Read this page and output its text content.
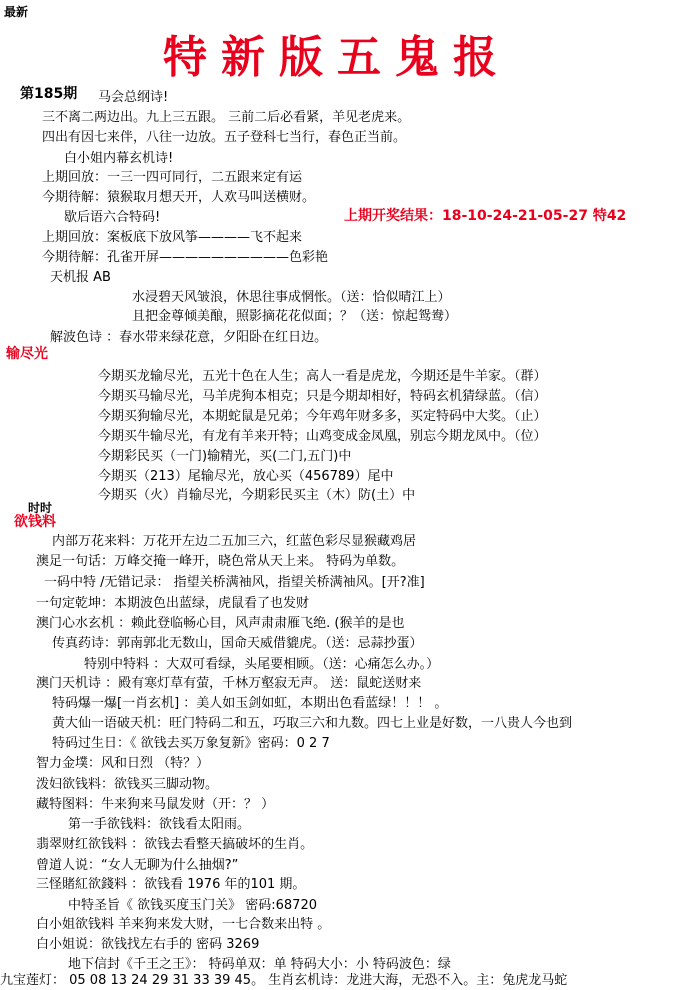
最新
特新版五鬼报
第185期 马会总纲诗!
三不离二两边出。九上三五跟。 三前二后必看紧，羊见老虎来。
四出有因七来伴，八往一边放。五子登科七当行，春色正当前。
白小姐内幕玄机诗!
上期回放：一三一四可同行，二五跟来定有运
今期待解：猿猴取月想天开，人欢马叫送横财。
歇后语六合特码!	上期开奖结果：18-10-24-21-05-27 特42
上期回放：案板底下放风筝————飞不起来
今期待解：孔雀开屏——————————色彩艳
天机报 AB
水浸碧天风皱浪，休思往事成惘怅。（送：恰似晴江上）
且把金尊倾美酿，照影摘花花似面；？（送：惊起鸳鸯）
解波色诗 ：春水带来绿花意，夕阳卧在红日边。
输尽光
今期买龙输尽光，五光十色在人生；高人一看是虎龙，今期还是牛羊家。（群）
今期买马输尽光，马羊虎狗本相克；只是今期却相好，特码玄机猜绿蓝。（信）
今期买狗输尽光，本期蛇鼠是兄弟；今年鸡年财多多，买定特码中大奖。（止）
今期买牛输尽光，有龙有羊来开特；山鸡变成金凤凰，别忘今期龙凤中。（位）
今期彩民买（一门)输精光，买(二门,五门)中
今期买（213）尾输尽光，放心买（456789）尾中
今期买（火）肖输尽光，今期彩民买主（木）防(土）中
时时
欲钱料
内部万花来料：万花开左边二五加三六，红蓝色彩尽显猴藏鸡居
澳足一句话：万峰交掩一峰开，晓色常从天上来。 特码为单数。
一码中特 /无错记录： 指望关桥满袖风，指望关桥满袖风。[开?准]
一句定乾坤：本期波色出蓝绿，虎鼠看了也发财
澳门心水玄机 ：赖此登临畅心目，风声肃肃雁飞绝. (猴羊的是也
传真药诗：郭南郭北无数山，国命天威借貔虎。（送：忌蒜抄蛋）
特别中特料 ：大双可看绿，头尾要相顾。（送：心痛怎么办。）
澳门天机诗 ：殿有寒灯草有萤，千林万壑寂无声。 送：鼠蛇送财来
特码爆一爆[一肖玄机] ：美人如玉剑如虹，本期出色看蓝绿！！！ 。
黄大仙一语破天机：旺门特码二和五，巧取三六和九数。四七上业是好数，一八贵人今也到
特码过生日：《 欲钱去买万象复新》密码：0 2 7
智力金墣：风和日烈 （特？）
泼妇欲钱料：欲钱买三脚动物。
藏特图料：牛来狗来马鼠发财（开：？ ）
第一手欲钱料：欲钱看太阳雨。
翡翠财红欲钱料 ：欲钱去看整天搞破坏的生肖。
曾道人说：“女人无聊为什么抽烟?”
三怪賭紅欲錢料 ：欲钱看 1976 年的101 期。
中特圣旨《 欲钱买度玉门关》 密码:68720
白小姐欲钱料 羊来狗来发大财，一七合数来出特 。
白小姐说：欲钱找左右手的 密码 3269
地下信封《千王之王》： 特码单双：单 特码大小：小 特码波色：绿
九宝莲灯： 05 08 13 24 29 31 33 39 45。 生肖玄机诗：龙进大海，无恐不入。主：兔虎龙马蛇
